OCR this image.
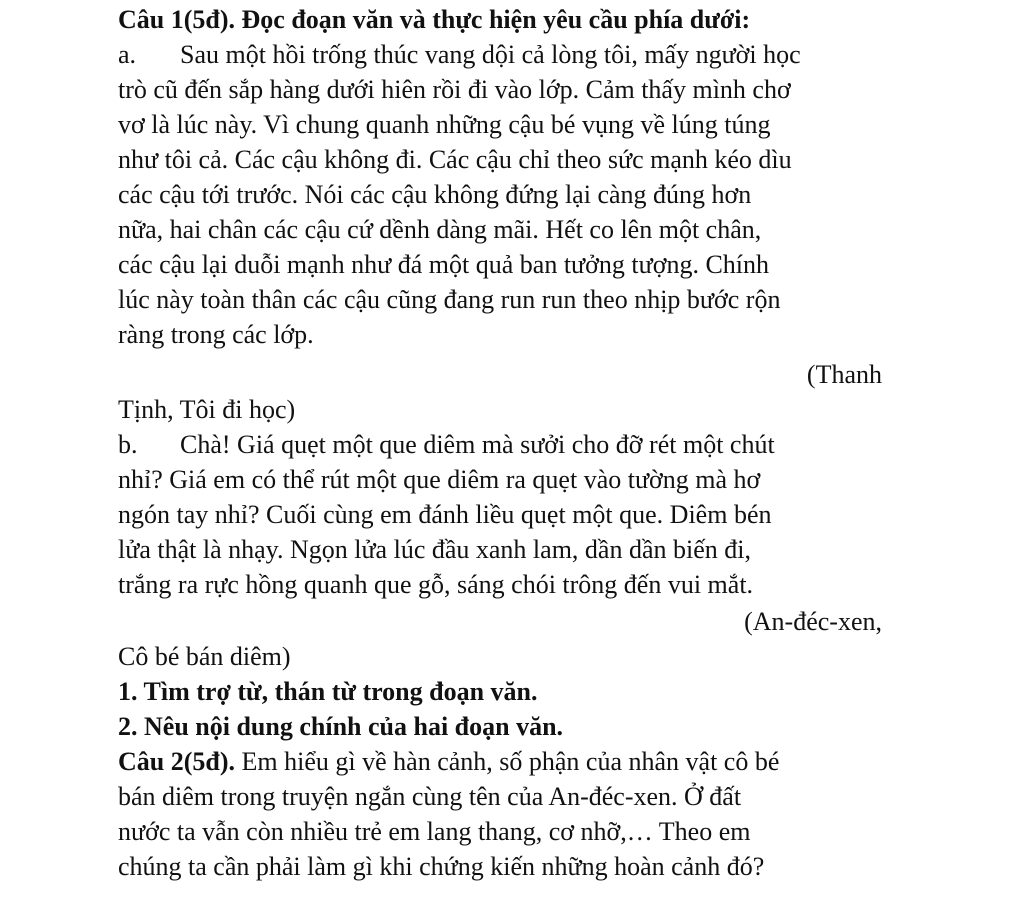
Câu 1(5đ). Đọc đoạn văn và thực hiện yêu cầu phía dưới:
a. Sau một hồi trống thúc vang dội cả lòng tôi, mấy người học
trò cũ đến sắp hàng dưới hiên rồi đi vào lớp. Cảm thấy mình chơ
vơ là lúc này. Vì chung quanh những cậu bé vụng về lúng túng
như tôi cả. Các cậu không đi. Các cậu chỉ theo sức mạnh kéo dìu
các cậu tới trước. Nói các cậu không đứng lại càng đúng hơn
nữa, hai chân các cậu cứ dềnh dàng mãi. Hết co lên một chân,
các cậu lại duỗi mạnh như đá một quả ban tưởng tượng. Chính
lúc này toàn thân các cậu cũng đang run run theo nhịp bước rộn
ràng trong các lớp.
(Thanh
Tịnh, Tôi đi học)
b. Chà! Giá quẹt một que diêm mà sưởi cho đỡ rét một chút
nhỉ? Giá em có thể rút một que diêm ra quẹt vào tường mà hơ
ngón tay nhỉ? Cuối cùng em đánh liều quẹt một que. Diêm bén
lửa thật là nhạy. Ngọn lửa lúc đầu xanh lam, dần dần biến đi,
trắng ra rực hồng quanh que gỗ, sáng chói trông đến vui mắt.
(An-đéc-xen,
Cô bé bán diêm)
1. Tìm trợ từ, thán từ trong đoạn văn.
2. Nêu nội dung chính của hai đoạn văn.
Câu 2(5đ). Em hiểu gì về hàn cảnh, số phận của nhân vật cô bé
bán diêm trong truyện ngắn cùng tên của An-đéc-xen. Ở đất
nước ta vẫn còn nhiều trẻ em lang thang, cơ nhỡ,… Theo em
chúng ta cần phải làm gì khi chứng kiến những hoàn cảnh đó?
